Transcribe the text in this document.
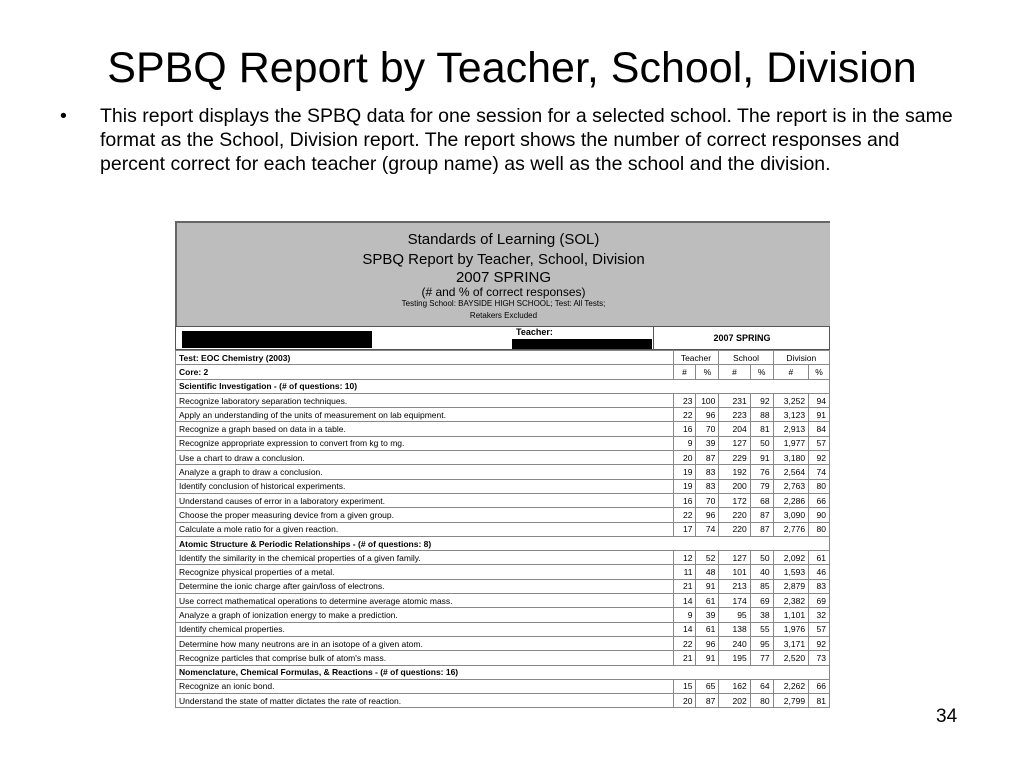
SPBQ Report by Teacher, School, Division
• This report displays the SPBQ data for one session for a selected school. The report is in the same format as the School, Division report. The report shows the number of correct responses and percent correct for each teacher (group name) as well as the school and the division.
Standards of Learning (SOL)
SPBQ Report by Teacher, School, Division
2007 SPRING
(# and % of correct responses)
Testing School: BAYSIDE HIGH SCHOOL; Test: All Tests;
Retakers Excluded
Teacher:
2007 SPRING
Test: EOC Chemistry (2003)	Teacher		School		Division	
Core: 2	#	%	#	%	#	%
Scientific Investigation - (# of questions: 10)						
Recognize laboratory separation techniques.	23	100	231	92	3,252	94
Apply an understanding of the units of measurement on lab equipment.	22	96	223	88	3,123	91
Recognize a graph based on data in a table.	16	70	204	81	2,913	84
Recognize appropriate expression to convert from kg to mg.	9	39	127	50	1,977	57
Use a chart to draw a conclusion.	20	87	229	91	3,180	92
Analyze a graph to draw a conclusion.	19	83	192	76	2,564	74
Identify conclusion of historical experiments.	19	83	200	79	2,763	80
Understand causes of error in a laboratory experiment.	16	70	172	68	2,286	66
Choose the proper measuring device from a given group.	22	96	220	87	3,090	90
Calculate a mole ratio for a given reaction.	17	74	220	87	2,776	80
Atomic Structure & Periodic Relationships - (# of questions: 8)						
Identify the similarity in the chemical properties of a given family.	12	52	127	50	2,092	61
Recognize physical properties of a metal.	11	48	101	40	1,593	46
Determine the ionic charge after gain/loss of electrons.	21	91	213	85	2,879	83
Use correct mathematical operations to determine average atomic mass.	14	61	174	69	2,382	69
Analyze a graph of ionization energy to make a prediction.	9	39	95	38	1,101	32
Identify chemical properties.	14	61	138	55	1,976	57
Determine how many neutrons are in an isotope of a given atom.	22	96	240	95	3,171	92
Recognize particles that comprise bulk of atom's mass.	21	91	195	77	2,520	73
Nomenclature, Chemical Formulas, & Reactions - (# of questions: 16)						
Recognize an ionic bond.	15	65	162	64	2,262	66
Understand the state of matter dictates the rate of reaction.	20	87	202	80	2,799	81
34
